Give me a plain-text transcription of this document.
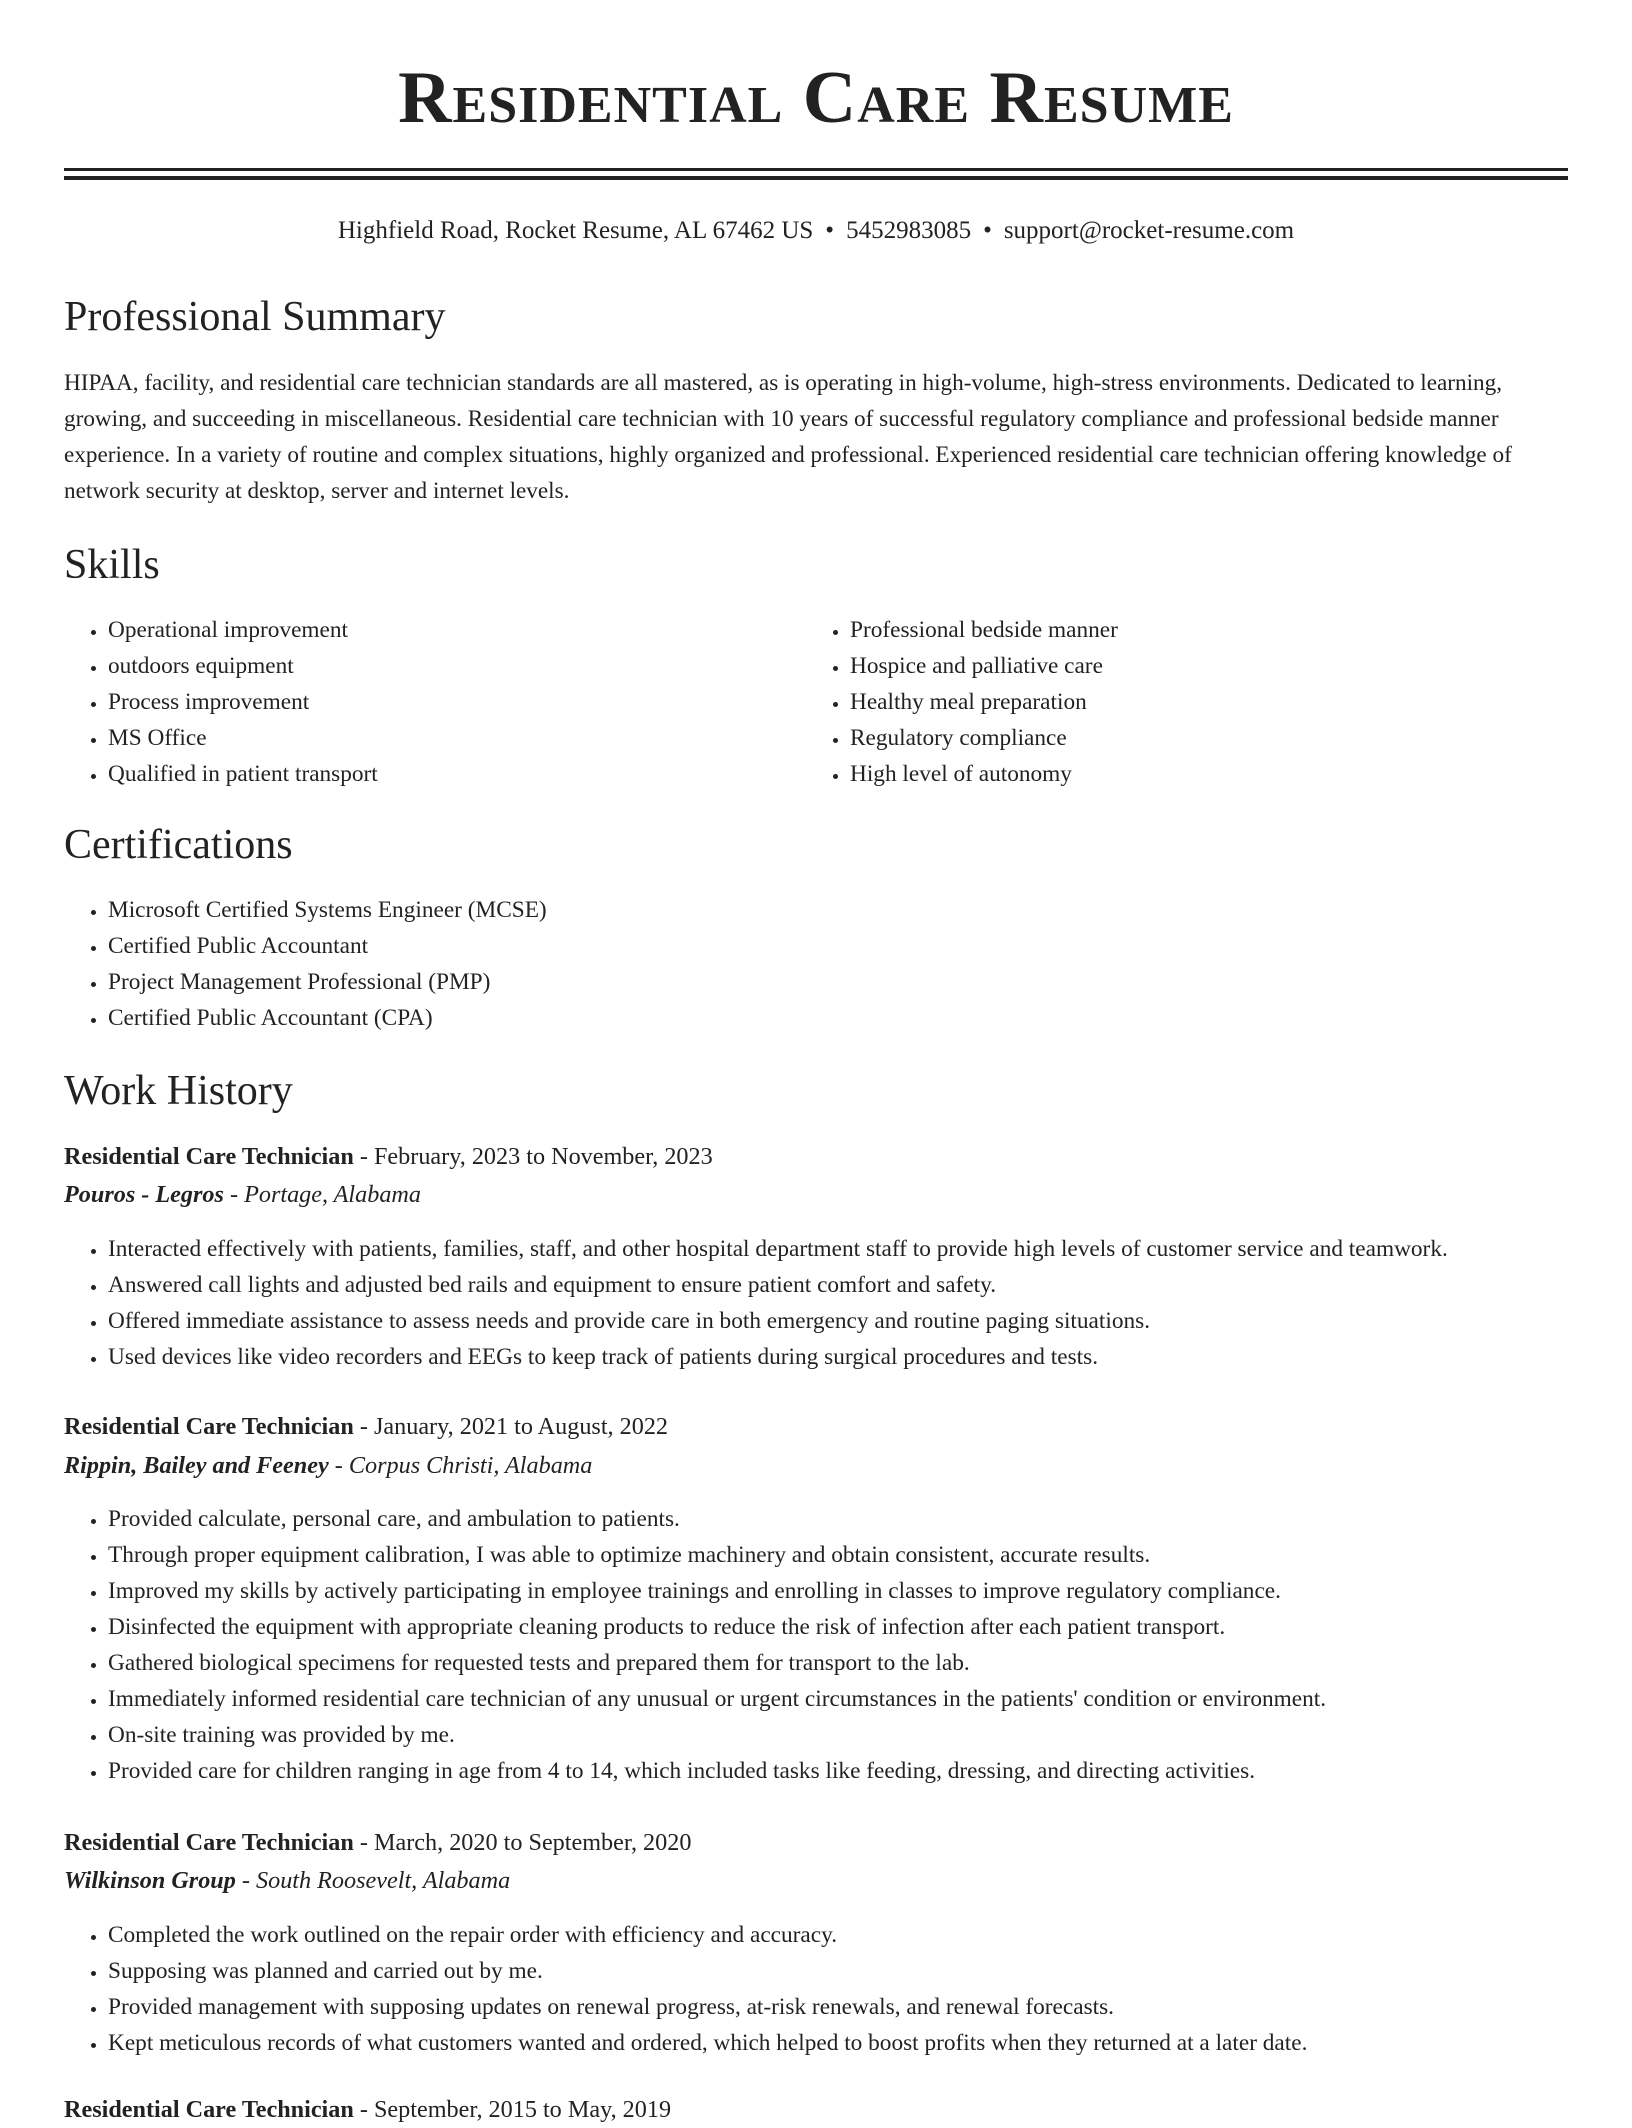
Residential Care Resume
Highfield Road, Rocket Resume, AL 67462 US • 5452983085 • support@rocket-resume.com
Professional Summary

HIPAA, facility, and residential care technician standards are all mastered, as is operating in high-volume, high-stress environments. Dedicated to learning, growing, and succeeding in miscellaneous. Residential care technician with 10 years of successful regulatory compliance and professional bedside manner experience. In a variety of routine and complex situations, highly organized and professional. Experienced residential care technician offering knowledge of network security at desktop, server and internet levels.

Skills
• Operational improvement
• outdoors equipment
• Process improvement
• MS Office
• Qualified in patient transport
• Professional bedside manner
• Hospice and palliative care
• Healthy meal preparation
• Regulatory compliance
• High level of autonomy
Certifications
• Microsoft Certified Systems Engineer (MCSE)
• Certified Public Accountant
• Project Management Professional (PMP)
• Certified Public Accountant (CPA)
Work History
Residential Care Technician - February, 2023 to November, 2023
Pouros - Legros - Portage, Alabama
• Interacted effectively with patients, families, staff, and other hospital department staff to provide high levels of customer service and teamwork.
• Answered call lights and adjusted bed rails and equipment to ensure patient comfort and safety.
• Offered immediate assistance to assess needs and provide care in both emergency and routine paging situations.
• Used devices like video recorders and EEGs to keep track of patients during surgical procedures and tests.
Residential Care Technician - January, 2021 to August, 2022
Rippin, Bailey and Feeney - Corpus Christi, Alabama
• Provided calculate, personal care, and ambulation to patients.
• Through proper equipment calibration, I was able to optimize machinery and obtain consistent, accurate results.
• Improved my skills by actively participating in employee trainings and enrolling in classes to improve regulatory compliance.
• Disinfected the equipment with appropriate cleaning products to reduce the risk of infection after each patient transport.
• Gathered biological specimens for requested tests and prepared them for transport to the lab.
• Immediately informed residential care technician of any unusual or urgent circumstances in the patients' condition or environment.
• On-site training was provided by me.
• Provided care for children ranging in age from 4 to 14, which included tasks like feeding, dressing, and directing activities.
Residential Care Technician - March, 2020 to September, 2020
Wilkinson Group - South Roosevelt, Alabama
• Completed the work outlined on the repair order with efficiency and accuracy.
• Supposing was planned and carried out by me.
• Provided management with supposing updates on renewal progress, at-risk renewals, and renewal forecasts.
• Kept meticulous records of what customers wanted and ordered, which helped to boost profits when they returned at a later date.
Residential Care Technician - September, 2015 to May, 2019
